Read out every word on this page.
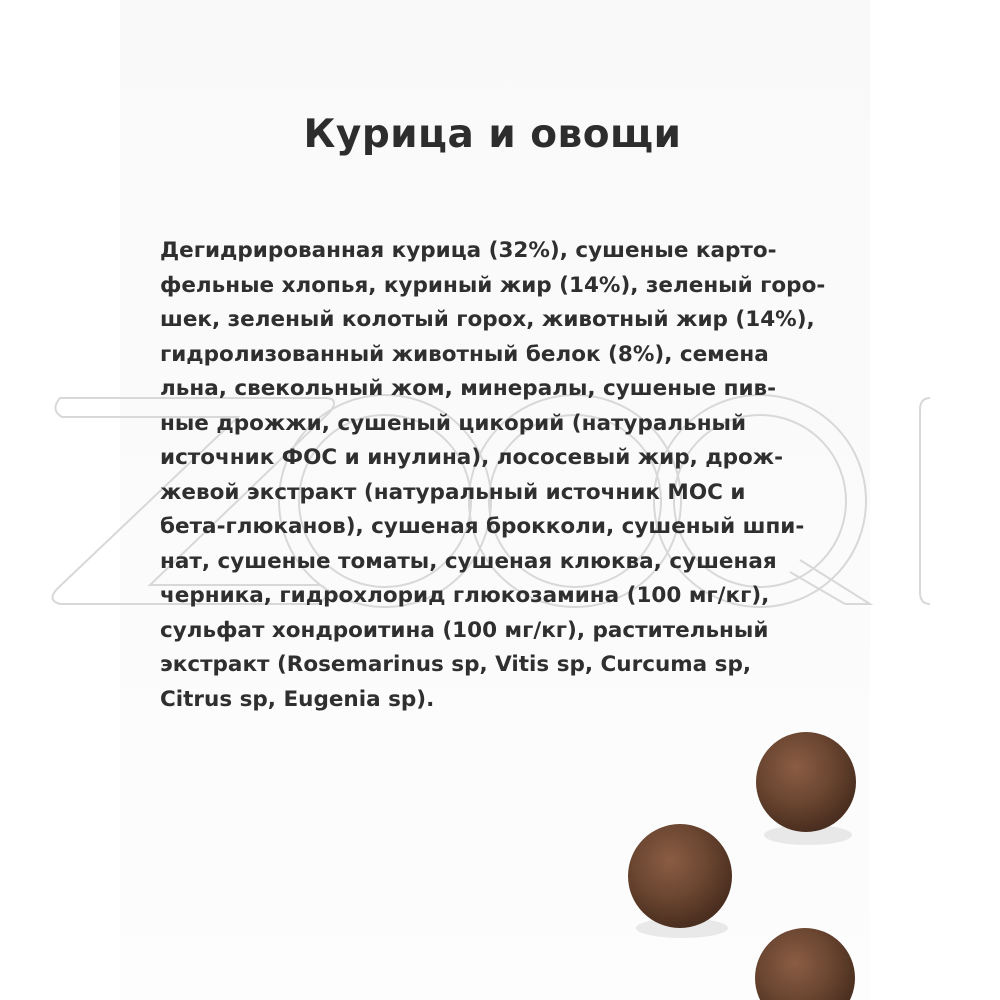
Курица и овощи

Дегидрированная курица (32%), сушеные карто-
фельные хлопья, куриный жир (14%), зеленый горо-
шек, зеленый колотый горох, животный жир (14%),
гидролизованный животный белок (8%), семена
льна, свекольный жом, минералы, сушеные пив-
ные дрожжи, сушеный цикорий (натуральный
источник ФОС и инулина), лососевый жир, дрож-
жевой экстракт (натуральный источник МОС и
бета-глюканов), сушеная брокколи, сушеный шпи-
нат, сушеные томаты, сушеная клюква, сушеная
черника, гидрохлорид глюкозамина (100 мг/кг),
сульфат хондроитина (100 мг/кг), растительный
экстракт (Rosemarinus sp, Vitis sp, Curcuma sp,
Citrus sp, Eugenia sp).
